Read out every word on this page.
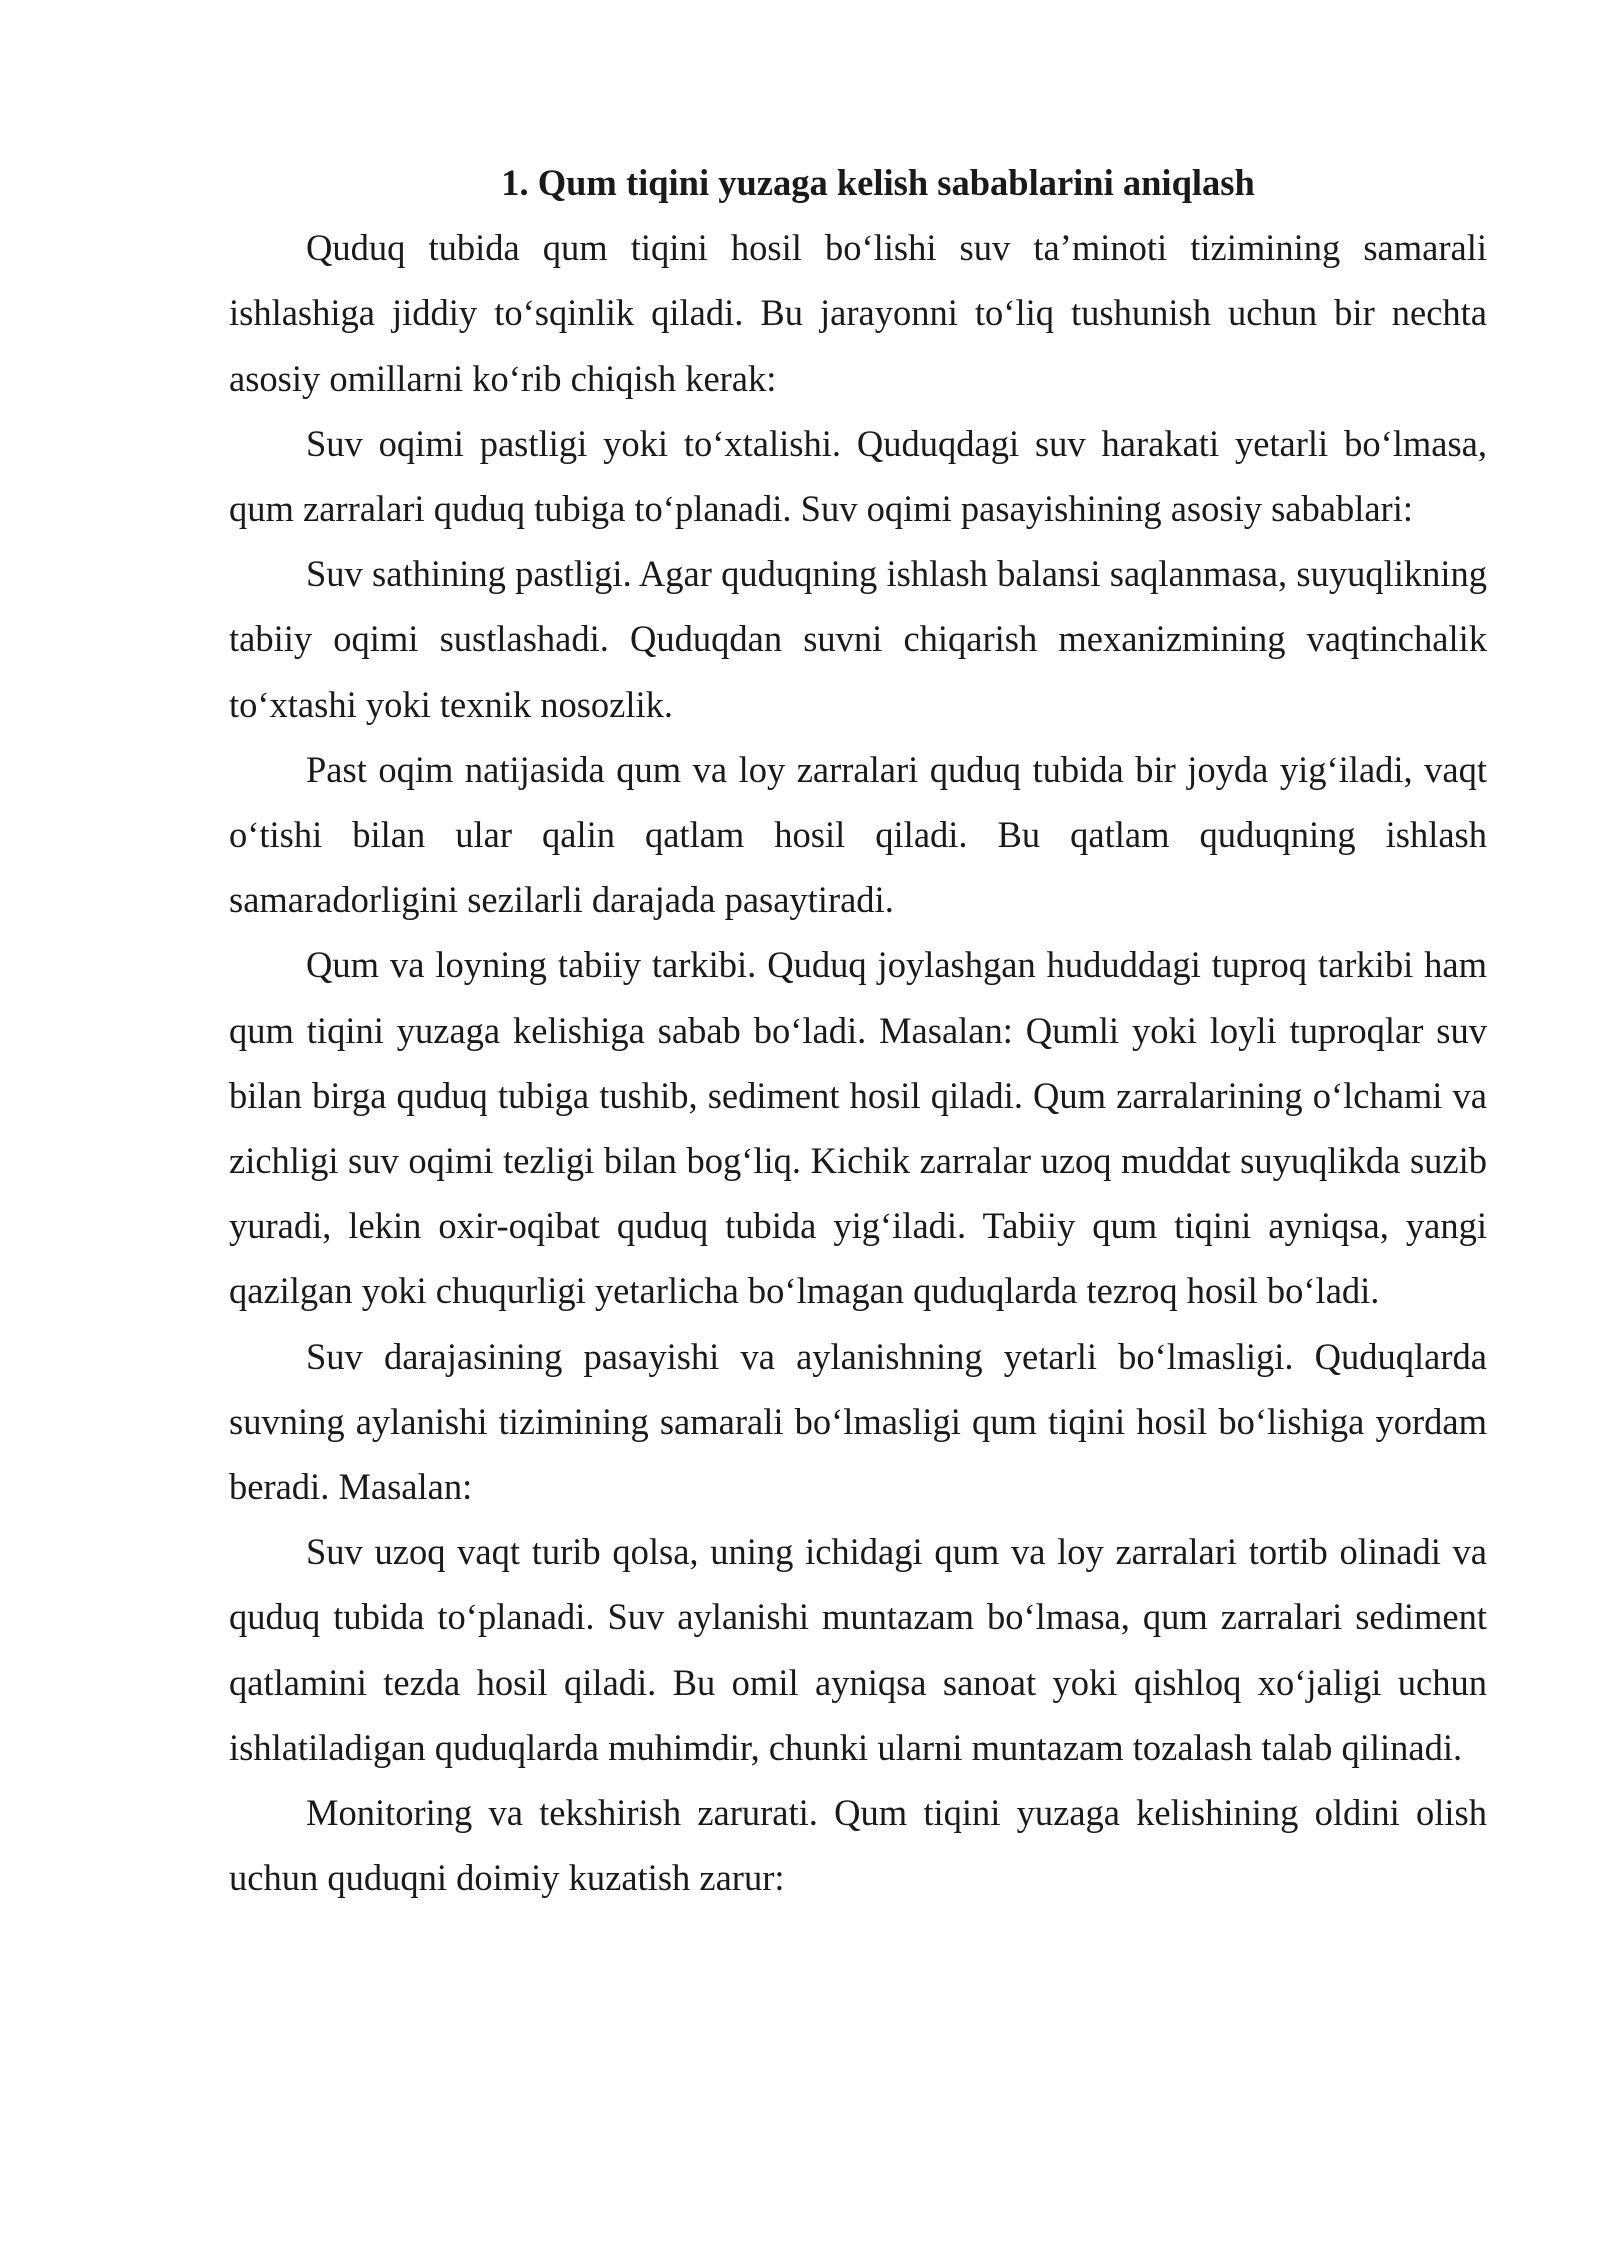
1. Qum tiqini yuzaga kelish sabablarini aniqlash

Quduq tubida qum tiqini hosil bo‘lishi suv ta’minoti tizimining samarali ishlashiga jiddiy to‘sqinlik qiladi. Bu jarayonni to‘liq tushunish uchun bir nechta asosiy omillarni ko‘rib chiqish kerak:

Suv oqimi pastligi yoki to‘xtalishi. Quduqdagi suv harakati yetarli bo‘lmasa, qum zarralari quduq tubiga to‘planadi. Suv oqimi pasayishining asosiy sabablari:

Suv sathining pastligi. Agar quduqning ishlash balansi saqlanmasa, suyuqlikning tabiiy oqimi sustlashadi. Quduqdan suvni chiqarish mexanizmining vaqtinchalik to‘xtashi yoki texnik nosozlik.

Past oqim natijasida qum va loy zarralari quduq tubida bir joyda yig‘iladi, vaqt o‘tishi bilan ular qalin qatlam hosil qiladi. Bu qatlam quduqning ishlash samaradorligini sezilarli darajada pasaytiradi.

Qum va loyning tabiiy tarkibi. Quduq joylashgan hududdagi tuproq tarkibi ham qum tiqini yuzaga kelishiga sabab bo‘ladi. Masalan: Qumli yoki loyli tuproqlar suv bilan birga quduq tubiga tushib, sediment hosil qiladi. Qum zarralarining o‘lchami va zichligi suv oqimi tezligi bilan bog‘liq. Kichik zarralar uzoq muddat suyuqlikda suzib yuradi, lekin oxir-oqibat quduq tubida yig‘iladi. Tabiiy qum tiqini ayniqsa, yangi qazilgan yoki chuqurligi yetarlicha bo‘lmagan quduqlarda tezroq hosil bo‘ladi.

Suv darajasining pasayishi va aylanishning yetarli bo‘lmasligi. Quduqlarda suvning aylanishi tizimining samarali bo‘lmasligi qum tiqini hosil bo‘lishiga yordam beradi. Masalan:

Suv uzoq vaqt turib qolsa, uning ichidagi qum va loy zarralari tortib olinadi va quduq tubida to‘planadi. Suv aylanishi muntazam bo‘lmasa, qum zarralari sediment qatlamini tezda hosil qiladi. Bu omil ayniqsa sanoat yoki qishloq xo‘jaligi uchun ishlatiladigan quduqlarda muhimdir, chunki ularni muntazam tozalash talab qilinadi.

Monitoring va tekshirish zarurati. Qum tiqini yuzaga kelishining oldini olish uchun quduqni doimiy kuzatish zarur:
